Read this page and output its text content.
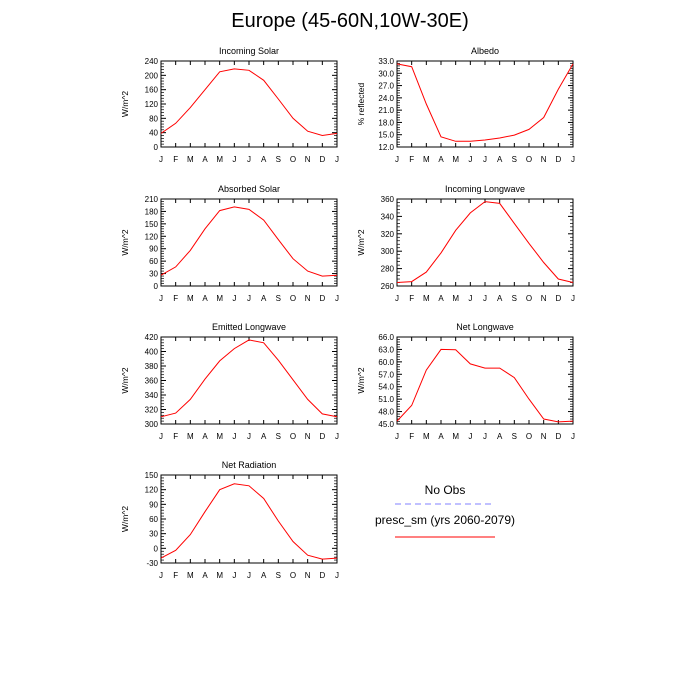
Europe (45-60N,10W-30E)
Incoming Solar
J F M A M J J A S O N D J
0
40
80
120
160
200
240
W/m^2
Albedo
J F M A M J J A S O N D J
12.0
15.0
18.0
21.0
24.0
27.0
30.0
33.0
% reflected
Absorbed Solar
J F M A M J J A S O N D J
0
30
60
90
120
150
180
210
W/m^2
Incoming Longwave
J F M A M J J A S O N D J
260
280
300
320
340
360
W/m^2
Emitted Longwave
J F M A M J J A S O N D J
300
320
340
360
380
400
420
W/m^2
Net Longwave
J F M A M J J A S O N D J
45.0
48.0
51.0
54.0
57.0
60.0
63.0
66.0
W/m^2
Net Radiation
J F M A M J J A S O N D J
-30
0
30
60
90
120
150
W/m^2
No Obs
presc_sm (yrs 2060-2079)
